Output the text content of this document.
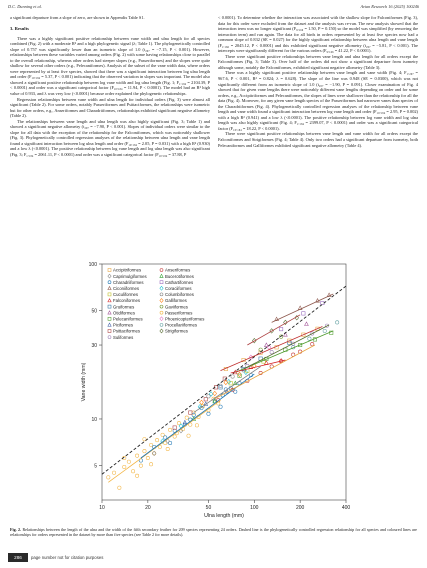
D.C. Dunning et al.	Avian Research 16 (2025) 100246

a significant departure from a slope of zero, are shown in Appendix Table S1.

3. Results

There was a highly significant positive relationship between vane width and ulna length for all species combined (Fig. 2) with a moderate R² and a high phylogenetic signal (λ; Table 1). The phylogenetically controlled slope of 0.757 was significantly lower than an isometric slope of 1.0 (t₂₀₇ = −7.15, P < 0.001). However, relationships between these variables varied among orders (Fig. 2) with some having relationships close to parallel to the overall relationship, whereas other orders had steeper slopes (e.g., Passeriformes) and the slopes were quite shallow for several other orders (e.g., Pelecaniformes). Analysis of the subset of the vane width data, where orders were represented by at least five species, showed that there was a significant interaction between log ulna length and order (F₁₀,₁₈₄ = 5.37, P < 0.001) indicating that the observed variation in slopes was important. The model also showed a significant positive relationship between log vane width and log ulna length (Fig. 1; F₁,₁₈₄ = 2104.39, P < 0.0001) and order was a significant categorical factor (F₁₀,₁₈₄ = 11.94, P < 0.0001). The model had an R² high value of 0.933, and λ was very low (<0.0001) because order explained the phylogenetic relationships.

Regression relationships between vane width and ulna length for individual orders (Fig. 3) were almost all significant (Table 2). For some orders, notably Passeriformes and Psittaciformes, the relationships were isometric but for other orders, e.g., Anseriformes and Charadriiformes, relationships exhibited significant negative allometry (Table 2).

The relationships between vane length and ulna length was also highly significant (Fig. 3; Table 1) and showed a significant negative allometry (t₂₀₇ = −7.90, P < 0.001). Slopes of individual orders were similar to the slope for all data with the exception of the relationship for the Falconiformes, which was noticeably shallower (Fig. 3). Phylogenetically controlled regression analyses of the relationship between ulna length and vane length found a significant interaction between log ulna length and order (F₁₀,₁₈₄ = 2.05, P = 0.031) with a high R² (0.930) and a low λ (<0.0001). The positive relationship between log vane length and log ulna length was also significant (Fig. 3; F₁,₁₈₄ = 2061.11, P < 0.0001) and order was a significant categorical factor (F₁₀,₁₈₄ = 37.88, P

< 0.0001). To determine whether the interaction was associated with the shallow slope for Falconiformes (Fig. 3), data for this order were excluded from the dataset and the analysis was re-run. The new analysis showed that the interaction term was no longer significant (F₉,₁₆₆ = 1.50, P = 0.150) so the model was simplified (by removing the interaction term) and run again. The data for all birds in orders represented by at least five species now had a common slope of 0.832 (SE = 0.027) for the highly significant relationship between ulna length and vane length (F₁,₁₆₆ = 2045.12, P < 0.0001) and this exhibited significant negative allometry (t₂₀₇ = −5.81, P < 0.001). The intercepts were significantly different for the various orders (F₉,₁₆₆ = 41.22, P < 0.0001).

There were significant positive relationships between vane length and ulna length for all orders except the Falconiformes (Fig. 3; Table 3). Over half of the orders did not show a significant departure from isometry although some, notably the Falconiformes, exhibited significant negative allometry (Table 3).

There was a highly significant positive relationship between vane length and vane width (Fig. 4; F₁,₂₀₇ = 967.6, P < 0.001, R² = 0.824; λ = 0.628). The slope of the line was 0.948 (SE = 0.0300), which was not significantly different from an isometric slope of 1.0 (t₂₀₇ = −1.90, P = 0.091). Closer examination of Fig. 4 showed that for given vane lengths there were noticeably different vane lengths depending on order and for some orders, e.g., Accipitriformes and Pelecaniformes, the slopes of lines were shallower than the relationship for all the data (Fig. 4). Moreover, for any given vane length species of the Passeriformes had narrower vanes than species of the Charadriiformes (Fig. 4). Phylogenetically controlled regression analyses of the relationship between vane length and vane width found a significant interaction between log vane length and order (F₁₀,₁₈₄ = 2.95, P = 0.002) with a high R² (0.941) and a low λ (<0.0001). The positive relationship between log vane width and log ulna length was also highly significant (Fig. 4; F₁,₁₈₄ = 2399.07, P < 0.0001) and order was a significant categorical factor (F₁₀,₁₈₄ = 18.22, P < 0.0001).

There were significant positive relationships between vane length and vane width for all orders except the Falconiformes and Strigiformes (Fig. 4; Table 4). Only two orders had a significant departure from isometry, both Pelecaniformes and Galliformes exhibited significant negative allometry (Table 4).

10	20	50	100	200	400
5
10
30
50
100
Ulna length (mm)
Vane width (mm)
Accipitriformes	Anseriformes
Caprimulgiformes	Bucerotiformes
Charadriiformes	Cathartiformes
Ciconiiformes	Coraciiformes
Cuculiformes	Columbiformes
Falconiformes	Galliformes
Gruiformes	Gaviiformes
Otidiformes	Passeriformes
Pelecaniformes	Phoenicopteriformes
Piciformes	Procellariiformes
Psittaciformes	Strigiformes
Suliformes
Fig. 2. Relationships between the length of the ulna and the width of the fifth secondary feather for 209 species representing 24 orders. Dashed line is the phylogenetically controlled regression relationship for all species and coloured lines are relationships for orders represented in the dataset by more than five species (see Table 2 for more details).
286	page number not for citation purposes
